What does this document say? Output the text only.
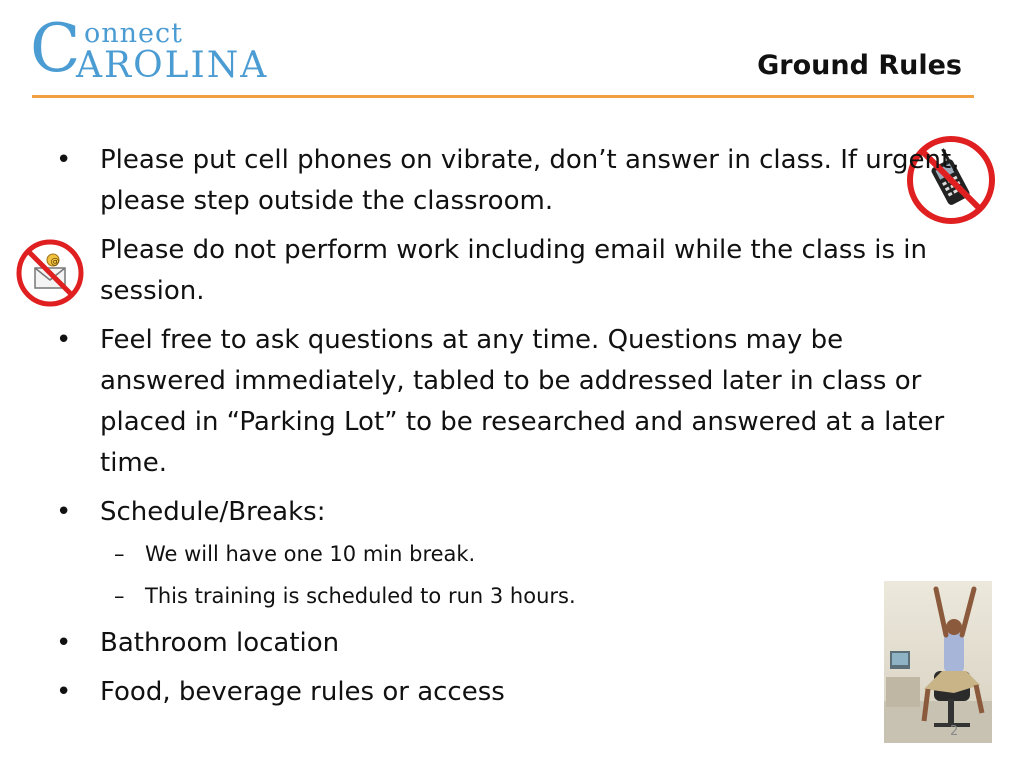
C onnect
AROLINA	Ground Rules
@
• Please put cell phones on vibrate, don’t answer in class. If urgent, please step outside the classroom.
Please do not perform work including email while the class is in session.
• Feel free to ask questions at any time. Questions may be answered immediately, tabled to be addressed later in class or placed in “Parking Lot” to be researched and answered at a later time.
• Schedule/Breaks:
– We will have one 10 min break.
– This training is scheduled to run 3 hours.
• Bathroom location
• Food, beverage rules or access
2
